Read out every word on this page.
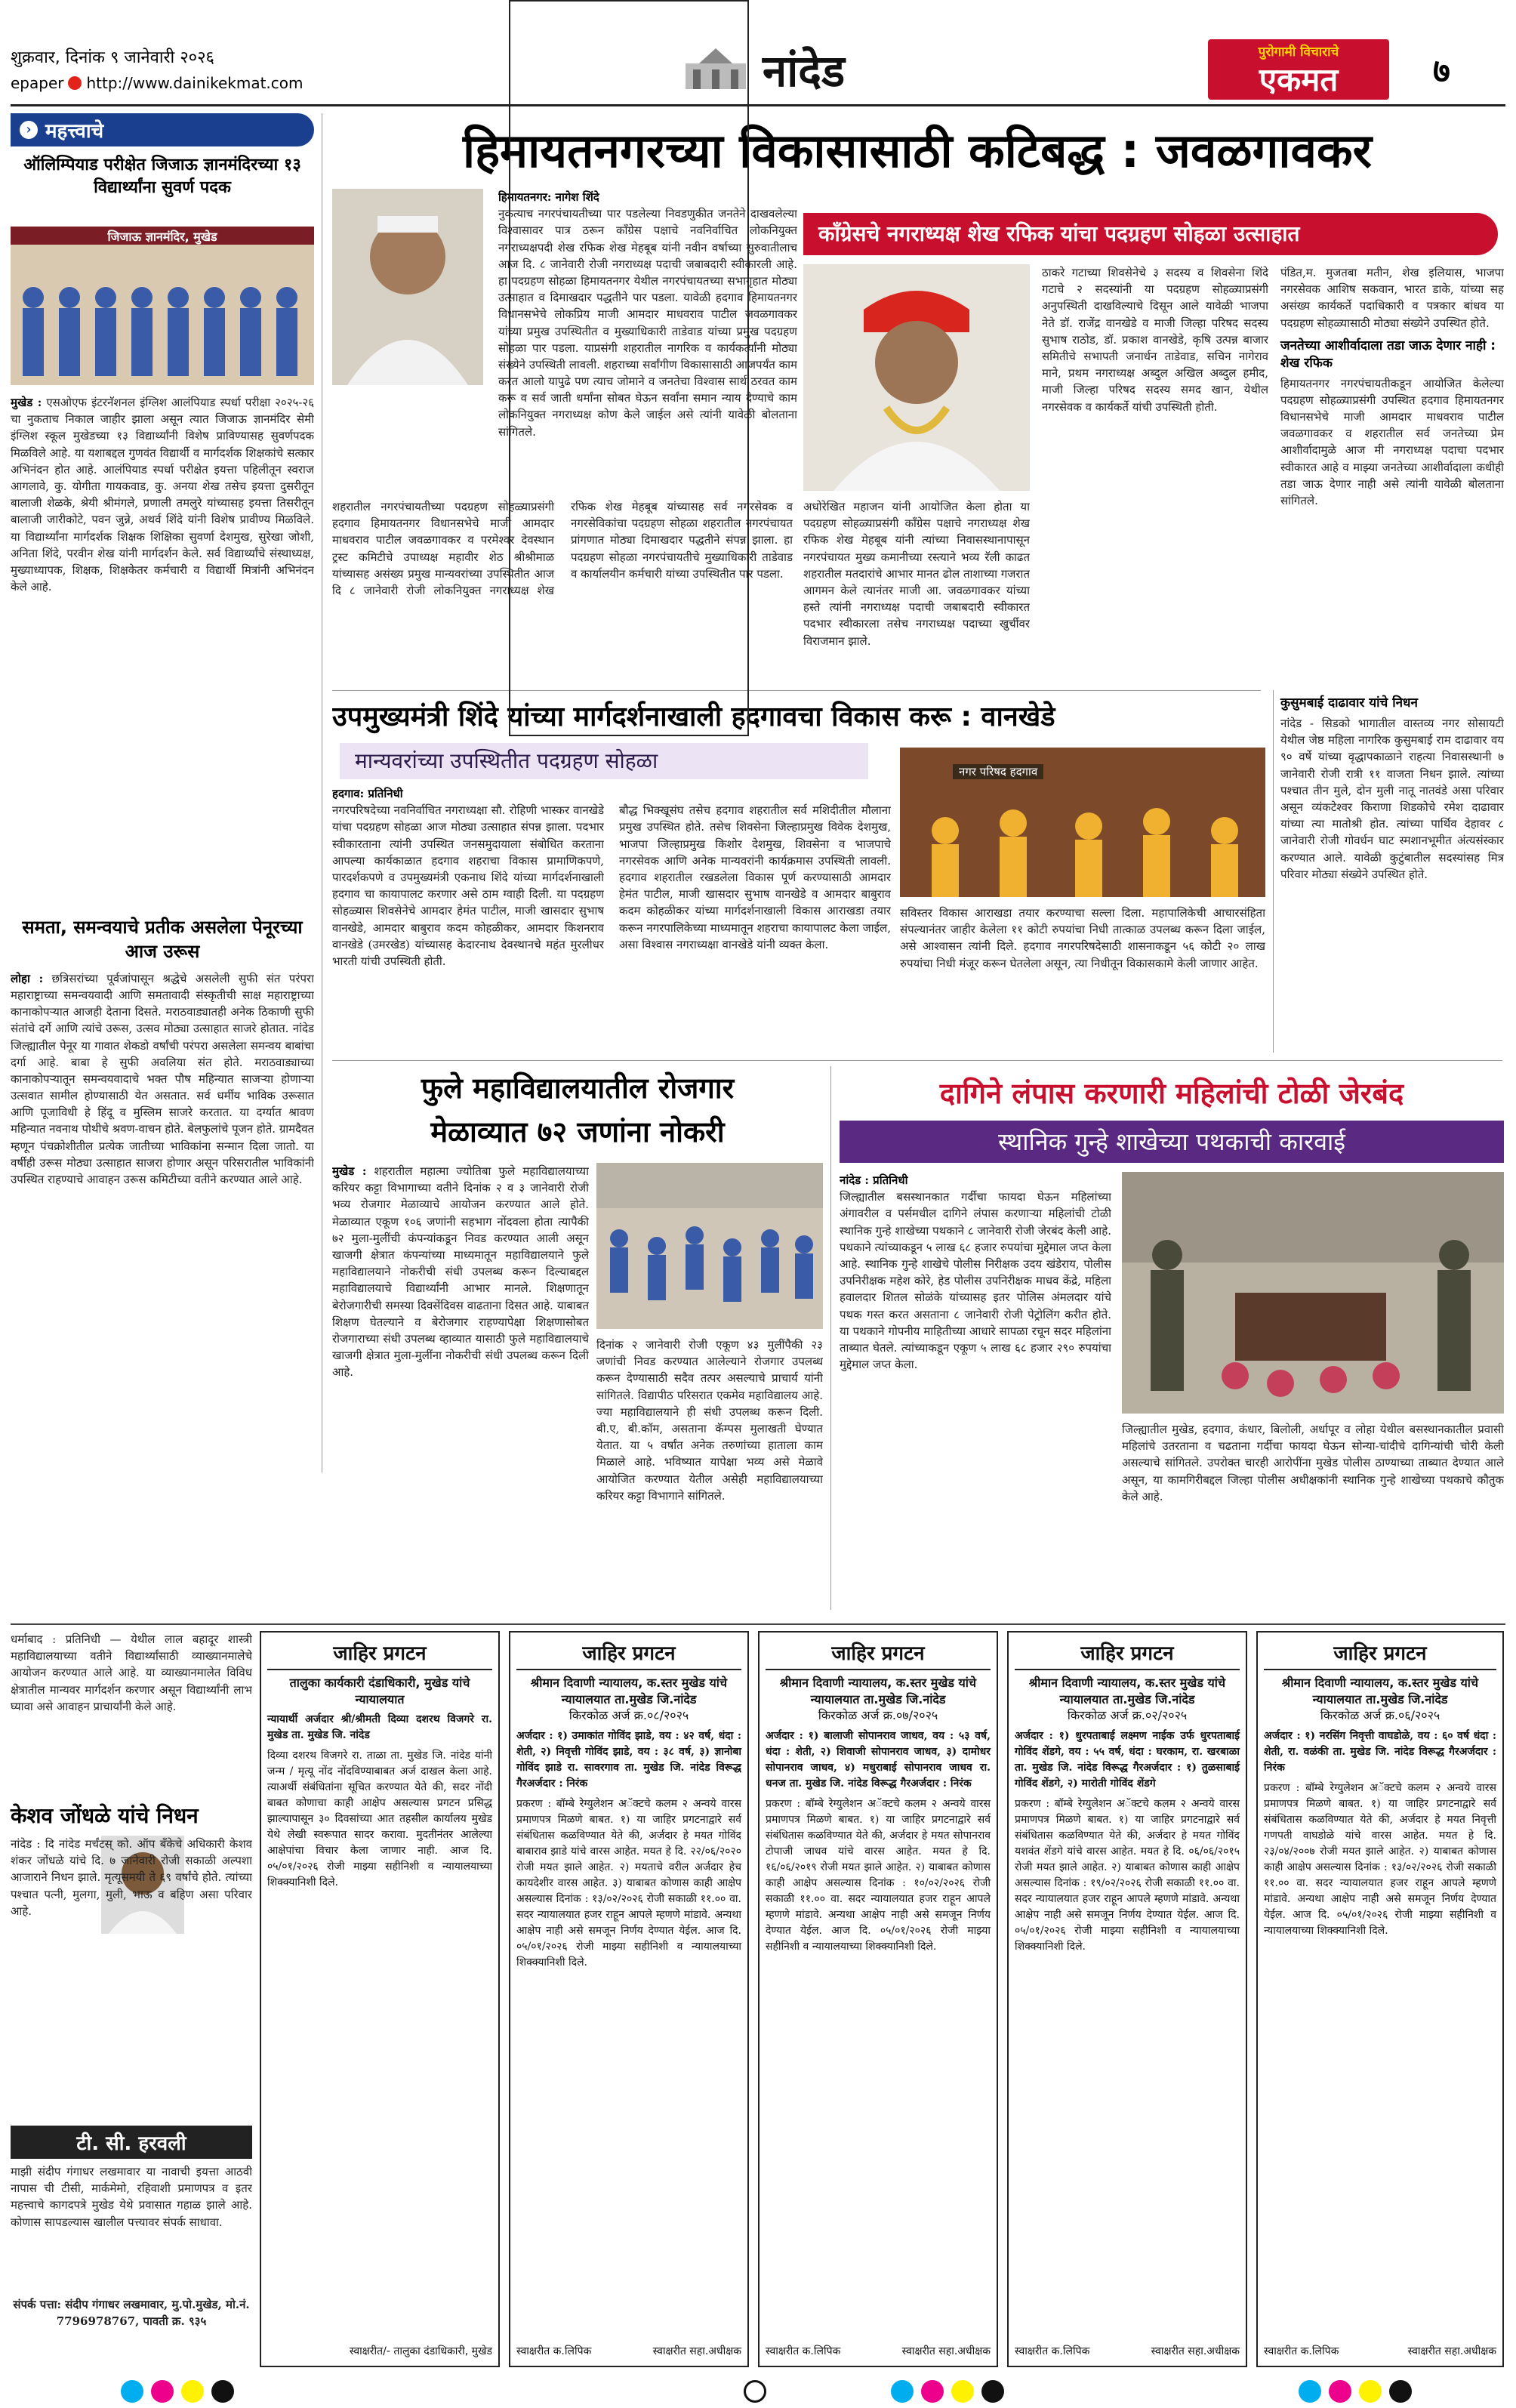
शुक्रवार, दिनांक ९ जानेवारी २०२६
epaper http://www.dainikekmat.com	नांदेड	पुरोगामी विचाराचे
एकमत	७
› महत्त्वाचे
ऑलिम्पियाड परीक्षेत जिजाऊ ज्ञानमंदिरच्या १३ विद्यार्थ्यांना सुवर्ण पदक
जिजाऊ ज्ञानमंदिर, मुखेड
मुखेड : एसओएफ इंटरनॅशनल इंग्लिश आलंपियाड स्पर्धा परीक्षा २०२५-२६ चा नुकताच निकाल जाहीर झाला असून त्यात जिजाऊ ज्ञानमंदिर सेमी इंग्लिश स्कूल मुखेडच्या १३ विद्यार्थ्यांनी विशेष प्राविण्यासह सुवर्णपदक मिळविले आहे. या यशाबद्दल गुणवंत विद्यार्थी व मार्गदर्शक शिक्षकांचे सत्कार अभिनंदन होत आहे. आलंपियाड स्पर्धा परीक्षेत इयत्ता पहिलीतून स्वराज आगलावे, कु. योगीता गायकवाड, कु. अनया शेख तसेच इयत्ता दुसरीतून बालाजी शेळके, श्रेयी श्रीमंगले, प्रणाली तमलुरे यांच्यासह इयत्ता तिसरीतून बालाजी जारीकोटे, पवन जुन्ने, अथर्व शिंदे यांनी विशेष प्रावीण्य मिळविले. या विद्यार्थ्यांना मार्गदर्शक शिक्षक शिक्षिका सुवर्णा देशमुख, सुरेखा जोशी, अनिता शिंदे, परवीन शेख यांनी मार्गदर्शन केले. सर्व विद्यार्थ्यांचे संस्थाध्यक्ष, मुख्याध्यापक, शिक्षक, शिक्षकेतर कर्मचारी व विद्यार्थी मित्रांनी अभिनंदन केले आहे.
समता, समन्वयाचे प्रतीक असलेला पेनूरच्या आज उरूस
लोहा : छत्रिसरांच्या पूर्वजांपासून श्रद्धेचे असलेली सुफी संत परंपरा महाराष्ट्राच्या समन्वयवादी आणि समतावादी संस्कृतीची साक्ष महाराष्ट्राच्या कानाकोपऱ्यात आजही देताना दिसते. मराठवाड्यातही अनेक ठिकाणी सुफी संतांचे दर्गे आणि त्यांचे उरूस, उत्सव मोठ्या उत्साहात साजरे होतात. नांदेड जिल्ह्यातील पेनूर या गावात शेकडो वर्षांची परंपरा असलेला समन्वय बाबांचा दर्गा आहे. बाबा हे सुफी अवलिया संत होते. मराठवाड्याच्या कानाकोपऱ्यातून समन्वयवादाचे भक्त पौष महिन्यात साजऱ्या होणाऱ्या उत्सवात सामील होण्यासाठी येत असतात. सर्व धर्मीय भाविक उरूसात आणि पूजाविधी हे हिंदू व मुस्लिम साजरे करतात. या दर्ग्यात श्रावण महिन्यात नवनाथ पोथीचे श्रवण-वाचन होते. बेलफुलांचे पूजन होते. ग्रामदैवत म्हणून पंचक्रोशीतील प्रत्येक जातीच्या भाविकांना सन्मान दिला जातो. या वर्षीही उरूस मोठ्या उत्साहात साजरा होणार असून परिसरातील भाविकांनी उपस्थित राहण्याचे आवाहन उरूस कमिटीच्या वतीने करण्यात आले आहे.
हिमायतनगरच्या विकासासाठी कटिबद्ध : जवळगावकर
काँग्रेसचे नगराध्यक्ष शेख रफिक यांचा पदग्रहण सोहळा उत्साहात
हिमायतनगर: नागेश शिंदे
नुकत्याच नगरपंचायतीच्या पार पडलेल्या निवडणुकीत जनतेने दाखवलेल्या विश्वासावर पात्र ठरून काँग्रेस पक्षाचे नवनिर्वाचित लोकनियुक्त नगराध्यक्षपदी शेख रफिक शेख मेहबूब यांनी नवीन वर्षाच्या सुरुवातीलाच आज दि. ८ जानेवारी रोजी नगराध्यक्ष पदाची जबाबदारी स्वीकारली आहे. हा पदग्रहण सोहळा हिमायतनगर येथील नगरपंचायतच्या सभागृहात मोठ्या उत्साहात व दिमाखदार पद्धतीने पार पडला. यावेळी हदगाव हिमायतनगर विधानसभेचे लोकप्रिय माजी आमदार माधवराव पाटील जवळगावकर यांच्या प्रमुख उपस्थितीत व मुख्याधिकारी ताडेवाड यांच्या प्रमुख पदग्रहण सोहळा पार पडला. याप्रसंगी शहरातील नागरिक व कार्यकर्त्यांनी मोठ्या संख्येने उपस्थिती लावली. शहराच्या सर्वांगीण विकासासाठी आजपर्यंत काम करत आलो यापुढे पण त्याच जोमाने व जनतेचा विश्वास सार्थ ठरवत काम करू व सर्व जाती धर्मांना सोबत घेऊन सर्वांना समान न्याय देण्याचे काम लोकनियुक्त नगराध्यक्ष कोण केले जाईल असे त्यांनी यावेळी बोलताना सांगितले.
शहरातील नगरपंचायतीच्या पदग्रहण सोहळ्याप्रसंगी हदगाव हिमायतनगर विधानसभेचे माजी आमदार माधवराव पाटील जवळगावकर व परमेश्वर देवस्थान ट्रस्ट कमिटीचे उपाध्यक्ष महावीर शेठ श्रीश्रीमाळ यांच्यासह असंख्य प्रमुख मान्यवरांच्या उपस्थितीत आज दि ८ जानेवारी रोजी लोकनियुक्त नगराध्यक्ष शेख रफिक शेख मेहबूब यांच्यासह सर्व नगरसेवक व नगरसेविकांचा पदग्रहण सोहळा शहरातील नगरपंचायत प्रांगणात मोठ्या दिमाखदार पद्धतीने संपन्न झाला. हा पदग्रहण सोहळा नगरपंचायतीचे मुख्याधिकारी ताडेवाड व कार्यालयीन कर्मचारी यांच्या उपस्थितीत पार पडला.
अधोरेखित महाजन यांनी आयोजित केला होता या पदग्रहण सोहळ्याप्रसंगी काँग्रेस पक्षाचे नगराध्यक्ष शेख रफिक शेख मेहबूब यांनी त्यांच्या निवासस्थानापासून नगरपंचायत मुख्य कमानीच्या रस्त्याने भव्य रॅली काढत शहरातील मतदारांचे आभार मानत ढोल ताशाच्या गजरात आगमन केले त्यानंतर माजी आ. जवळगावकर यांच्या हस्ते त्यांनी नगराध्यक्ष पदाची जबाबदारी स्वीकारत पदभार स्वीकारला तसेच नगराध्यक्ष पदाच्या खुर्चीवर विराजमान झाले.
ठाकरे गटाच्या शिवसेनेचे ३ सदस्य व शिवसेना शिंदे गटाचे २ सदस्यांनी या पदग्रहण सोहळ्याप्रसंगी अनुपस्थिती दाखविल्याचे दिसून आले यावेळी भाजपा नेते डॉ. राजेंद्र वानखेडे व माजी जिल्हा परिषद सदस्य सुभाष राठोड, डॉ. प्रकाश वानखेडे, कृषि उत्पन्न बाजार समितीचे सभापती जनार्धन ताडेवाड, सचिन नागेराव माने, प्रथम नगराध्यक्ष अब्दुल अखिल अब्दुल हमीद, माजी जिल्हा परिषद सदस्य समद खान, येथील नगरसेवक व कार्यकर्ते यांची उपस्थिती होती.
पंडित,म. मुजतबा मतीन, शेख इलियास, भाजपा नगरसेवक आशिष सकवान, भारत डाके, यांच्या सह असंख्य कार्यकर्ते पदाधिकारी व पत्रकार बांधव या पदग्रहण सोहळ्यासाठी मोठ्या संख्येने उपस्थित होते.
जनतेच्या आशीर्वादाला तडा जाऊ देणार नाही : शेख रफिक
हिमायतनगर नगरपंचायतीकडून आयोजित केलेल्या पदग्रहण सोहळ्याप्रसंगी उपस्थित हदगाव हिमायतनगर विधानसभेचे माजी आमदार माधवराव पाटील जवळगावकर व शहरातील सर्व जनतेच्या प्रेम आशीर्वादामुळे आज मी नगराध्यक्ष पदाचा पदभार स्वीकारत आहे व माझ्या जनतेच्या आशीर्वादाला कधीही तडा जाऊ देणार नाही असे त्यांनी यावेळी बोलताना सांगितले.
कुसुमबाई दाढावार यांचे निधन
नांदेड - सिडको भागातील वास्तव्य नगर सोसायटी येथील जेष्ठ महिला नागरिक कुसुमबाई राम दाढावार वय ९० वर्षे यांच्या वृद्धापकाळाने राहत्या निवासस्थानी ७ जानेवारी रोजी रात्री ११ वाजता निधन झाले. त्यांच्या पश्चात तीन मुले, दोन मुली नातू नातवंडे असा परिवार असून व्यंकटेश्वर किराणा शिडकोचे रमेश दाढावार यांच्या त्या मातोश्री होत. त्यांच्या पार्थिव देहावर ८ जानेवारी रोजी गोवर्धन घाट स्मशानभूमीत अंत्यसंस्कार करण्यात आले. यावेळी कुटुंबातील सदस्यांसह मित्र परिवार मोठ्या संख्येने उपस्थित होते.
उपमुख्यमंत्री शिंदे यांच्या मार्गदर्शनाखाली हदगावचा विकास करू : वानखेडे
मान्यवरांच्या उपस्थितीत पदग्रहण सोहळा
हदगाव: प्रतिनिधी
नगरपरिषदेच्या नवनिर्वाचित नगराध्यक्षा सौ. रोहिणी भास्कर वानखेडे यांचा पदग्रहण सोहळा आज मोठ्या उत्साहात संपन्न झाला. पदभार स्वीकारताना त्यांनी उपस्थित जनसमुदायाला संबोधित करताना आपल्या कार्यकाळात हदगाव शहराचा विकास प्रामाणिकपणे, पारदर्शकपणे व उपमुख्यमंत्री एकनाथ शिंदे यांच्या मार्गदर्शनाखाली हदगाव चा कायापालट करणार असे ठाम ग्वाही दिली. या पदग्रहण सोहळ्यास शिवसेनेचे आमदार हेमंत पाटील, माजी खासदार सुभाष वानखेडे, आमदार बाबुराव कदम कोहळीकर, आमदार किशनराव वानखेडे (उमरखेड) यांच्यासह केदारनाथ देवस्थानचे महंत मुरलीधर भारती यांची उपस्थिती होती.
बौद्ध भिक्खूसंघ तसेच हदगाव शहरातील सर्व मशिदीतील मौलाना प्रमुख उपस्थित होते. तसेच शिवसेना जिल्हाप्रमुख विवेक देशमुख, भाजपा जिल्हाप्रमुख किशोर देशमुख, शिवसेना व भाजपाचे नगरसेवक आणि अनेक मान्यवरांनी कार्यक्रमास उपस्थिती लावली. हदगाव शहरातील रखडलेला विकास पूर्ण करण्यासाठी आमदार हेमंत पाटील, माजी खासदार सुभाष वानखेडे व आमदार बाबुराव कदम कोहळीकर यांच्या मार्गदर्शनाखाली विकास आराखडा तयार करून नगरपालिकेच्या माध्यमातून शहराचा कायापालट केला जाईल, असा विश्वास नगराध्यक्षा वानखेडे यांनी व्यक्त केला.
नगर परिषद हदगाव
सविस्तर विकास आराखडा तयार करण्याचा सल्ला दिला. महापालिकेची आचारसंहिता संपल्यानंतर जाहीर केलेला ११ कोटी रुपयांचा निधी तात्काळ उपलब्ध करून दिला जाईल, असे आश्वासन त्यांनी दिले. हदगाव नगरपरिषदेसाठी शासनाकडून ५६ कोटी २० लाख रुपयांचा निधी मंजूर करून घेतलेला असून, त्या निधीतून विकासकामे केली जाणार आहेत.
फुले महाविद्यालयातील रोजगार
मेळाव्यात ७२ जणांना नोकरी
मुखेड : शहरातील महात्मा ज्योतिबा फुले महाविद्यालयाच्या करियर कट्टा विभागाच्या वतीने दिनांक २ व ३ जानेवारी रोजी भव्य रोजगार मेळाव्याचे आयोजन करण्यात आले होते. मेळाव्यात एकूण १०६ जणांनी सहभाग नोंदवला होता त्यापैकी ७२ मुला-मुलींची कंपन्यांकडून निवड करण्यात आली असून खाजगी क्षेत्रात कंपन्यांच्या माध्यमातून महाविद्यालयाने फुले महाविद्यालयाने नोकरीची संधी उपलब्ध करून दिल्याबद्दल महाविद्यालयाचे विद्यार्थ्यांनी आभार मानले. शिक्षणातून बेरोजगारीची समस्या दिवसेंदिवस वाढताना दिसत आहे. याबाबत शिक्षण घेतल्याने व बेरोजगार राहण्यापेक्षा शिक्षणासोबत रोजगाराच्या संधी उपलब्ध व्हाव्यात यासाठी फुले महाविद्यालयाचे खाजगी क्षेत्रात मुला-मुलींना नोकरीची संधी उपलब्ध करून दिली आहे.
दिनांक २ जानेवारी रोजी एकूण ४३ मुलींपैकी २३ जणांची निवड करण्यात आलेल्याने रोजगार उपलब्ध करून देण्यासाठी सदैव तत्पर असल्याचे प्राचार्य यांनी सांगितले. विद्यापीठ परिसरात एकमेव महाविद्यालय आहे. ज्या महाविद्यालयाने ही संधी उपलब्ध करून दिली. बी.ए, बी.कॉम, असताना कॅम्पस मुलाखती घेण्यात येतात. या ५ वर्षांत अनेक तरुणांच्या हाताला काम मिळाले आहे. भविष्यात यापेक्षा भव्य असे मेळावे आयोजित करण्यात येतील असेही महाविद्यालयाच्या करियर कट्टा विभागाने सांगितले.
दागिने लंपास करणारी महिलांची टोळी जेरबंद
स्थानिक गुन्हे शाखेच्या पथकाची कारवाई
नांदेड : प्रतिनिधी
जिल्ह्यातील बसस्थानकात गर्दीचा फायदा घेऊन महिलांच्या अंगावरील व पर्समधील दागिने लंपास करणाऱ्या महिलांची टोळी स्थानिक गुन्हे शाखेच्या पथकाने ८ जानेवारी रोजी जेरबंद केली आहे. पथकाने त्यांच्याकडून ५ लाख ६८ हजार रुपयांचा मुद्देमाल जप्त केला आहे. स्थानिक गुन्हे शाखेचे पोलीस निरीक्षक उदय खंडेराय, पोलीस उपनिरीक्षक महेश कोरे, हेड पोलीस उपनिरीक्षक माधव केंद्रे, महिला हवालदार शितल सोळंके यांच्यासह इतर पोलिस अंमलदार यांचे पथक गस्त करत असताना ८ जानेवारी रोजी पेट्रोलिंग करीत होते. या पथकाने गोपनीय माहितीच्या आधारे सापळा रचून सदर महिलांना ताब्यात घेतले. त्यांच्याकडून एकूण ५ लाख ६८ हजार २९० रुपयांचा मुद्देमाल जप्त केला.
जिल्ह्यातील मुखेड, हदगाव, कंधार, बिलोली, अर्धापूर व लोहा येथील बसस्थानकातील प्रवासी महिलांचे उतरताना व चढताना गर्दीचा फायदा घेऊन सोन्या-चांदीचे दागिन्यांची चोरी केली असल्याचे सांगितले. उपरोक्त चारही आरोपींना मुखेड पोलीस ठाण्याच्या ताब्यात देण्यात आले असून, या कामगिरीबद्दल जिल्हा पोलीस अधीक्षकांनी स्थानिक गुन्हे शाखेच्या पथकाचे कौतुक केले आहे.
धर्माबाद : प्रतिनिधी — येथील लाल बहादूर शास्त्री महाविद्यालयाच्या वतीने विद्यार्थ्यांसाठी व्याख्यानमालेचे आयोजन करण्यात आले आहे. या व्याख्यानमालेत विविध क्षेत्रातील मान्यवर मार्गदर्शन करणार असून विद्यार्थ्यांनी लाभ घ्यावा असे आवाहन प्राचार्यांनी केले आहे.
केशव जोंधळे यांचे निधन
नांदेड : दि नांदेड मर्चंटस् को. ऑप बँकेचे अधिकारी केशव शंकर जोंधळे यांचे दि. ७ जानेवारी रोजी सकाळी अल्पशा आजाराने निधन झाले. मृत्यूसमयी ते ६९ वर्षांचे होते. त्यांच्या पश्चात पत्नी, मुलगा, मुली, भाऊ व बहिण असा परिवार आहे.
टी. सी. हरवली
माझी संदीप गंगाधर लखमावार या नावाची इयत्ता आठवी नापास ची टीसी, मार्कमेमो, रहिवाशी प्रमाणपत्र व इतर महत्त्वाचे कागदपत्रे मुखेड येथे प्रवासात गहाळ झाले आहे. कोणास सापडल्यास खालील पत्त्यावर संपर्क साधावा.
संपर्क पत्ता: संदीप गंगाधर लखमावार, मु.पो.मुखेड, मो.नं. 7796978767, पावती क्र. ९३५
जाहिर प्रगटन
तालुका कार्यकारी दंडाधिकारी, मुखेड यांचे न्यायालयात
न्यायार्थी अर्जदार श्री/श्रीमती दिव्या दशरथ विजगरे रा. मुखेड ता. मुखेड जि. नांदेड
दिव्या दशरथ विजगरे रा. ताळा ता. मुखेड जि. नांदेड यांनी जन्म / मृत्यू नोंद नोंदविण्याबाबत अर्ज दाखल केला आहे. त्याअर्थी संबंधितांना सूचित करण्यात येते की, सदर नोंदी बाबत कोणाचा काही आक्षेप असल्यास प्रगटन प्रसिद्ध झाल्यापासून ३० दिवसांच्या आत तहसील कार्यालय मुखेड येथे लेखी स्वरूपात सादर करावा. मुदतीनंतर आलेल्या आक्षेपांचा विचार केला जाणार नाही. आज दि. ०५/०१/२०२६ रोजी माझ्या सहीनिशी व न्यायालयाच्या शिक्क्यानिशी दिले.
स्वाक्षरीत/- तालुका दंडाधिकारी, मुखेड
जाहिर प्रगटन
श्रीमान दिवाणी न्यायालय, क.स्तर मुखेड यांचे न्यायालयात ता.मुखेड जि.नांदेड
किरकोळ अर्ज क्र.०८/२०२५
अर्जदार : १) उमाकांत गोविंद झाडे, वय : ४२ वर्ष, धंदा : शेती, २) निवृत्ती गोविंद झाडे, वय : ३८ वर्ष, ३) ज्ञानोबा गोविंद झाडे रा. सावरगाव ता. मुखेड जि. नांदेड विरूद्ध गैरअर्जदार : निरंक
प्रकरण : बॉम्बे रेग्युलेशन अॅक्टचे कलम २ अन्वये वारस प्रमाणपत्र मिळणे बाबत. १) या जाहिर प्रगटनाद्वारे सर्व संबंधितास कळविण्यात येते की, अर्जदार हे मयत गोविंद बाबाराव झाडे यांचे वारस आहेत. मयत हे दि. २२/०६/२०२० रोजी मयत झाले आहेत. २) मयताचे वरील अर्जदार हेच कायदेशीर वारस आहेत. ३) याबाबत कोणास काही आक्षेप असल्यास दिनांक : १३/०२/२०२६ रोजी सकाळी ११.०० वा. सदर न्यायालयात हजर राहून आपले म्हणणे मांडावे. अन्यथा आक्षेप नाही असे समजून निर्णय देण्यात येईल. आज दि. ०५/०१/२०२६ रोजी माझ्या सहीनिशी व न्यायालयाच्या शिक्क्यानिशी दिले.
स्वाक्षरीत क.लिपिक	स्वाक्षरीत सहा.अधीक्षक
जाहिर प्रगटन
श्रीमान दिवाणी न्यायालय, क.स्तर मुखेड यांचे न्यायालयात ता.मुखेड जि.नांदेड
किरकोळ अर्ज क्र.०७/२०२५
अर्जदार : १) बालाजी सोपानराव जाधव, वय : ५३ वर्ष, धंदा : शेती, २) शिवाजी सोपानराव जाधव, ३) दामोधर सोपानराव जाधव, ४) मधुराबाई सोपानराव जाधव रा. धनज ता. मुखेड जि. नांदेड विरूद्ध गैरअर्जदार : निरंक
प्रकरण : बॉम्बे रेग्युलेशन अॅक्टचे कलम २ अन्वये वारस प्रमाणपत्र मिळणे बाबत. १) या जाहिर प्रगटनाद्वारे सर्व संबंधितास कळविण्यात येते की, अर्जदार हे मयत सोपानराव टोपाजी जाधव यांचे वारस आहेत. मयत हे दि. १६/०६/२०१९ रोजी मयत झाले आहेत. २) याबाबत कोणास काही आक्षेप असल्यास दिनांक : १०/०२/२०२६ रोजी सकाळी ११.०० वा. सदर न्यायालयात हजर राहून आपले म्हणणे मांडावे. अन्यथा आक्षेप नाही असे समजून निर्णय देण्यात येईल. आज दि. ०५/०१/२०२६ रोजी माझ्या सहीनिशी व न्यायालयाच्या शिक्क्यानिशी दिले.
स्वाक्षरीत क.लिपिक	स्वाक्षरीत सहा.अधीक्षक
जाहिर प्रगटन
श्रीमान दिवाणी न्यायालय, क.स्तर मुखेड यांचे न्यायालयात ता.मुखेड जि.नांदेड
किरकोळ अर्ज क्र.०२/२०२५
अर्जदार : १) धुरपताबाई लक्ष्मण नाईक उर्फ धुरपताबाई गोविंद शेंडगे, वय : ५५ वर्ष, धंदा : घरकाम, रा. खरबाळा ता. मुखेड जि. नांदेड विरूद्ध गैरअर्जदार : १) तुळसाबाई गोविंद शेंडगे, २) मारोती गोविंद शेंडगे
प्रकरण : बॉम्बे रेग्युलेशन अॅक्टचे कलम २ अन्वये वारस प्रमाणपत्र मिळणे बाबत. १) या जाहिर प्रगटनाद्वारे सर्व संबंधितास कळविण्यात येते की, अर्जदार हे मयत गोविंद यशवंत शेंडगे यांचे वारस आहेत. मयत हे दि. ०६/०६/२०१५ रोजी मयत झाले आहेत. २) याबाबत कोणास काही आक्षेप असल्यास दिनांक : १९/०२/२०२६ रोजी सकाळी ११.०० वा. सदर न्यायालयात हजर राहून आपले म्हणणे मांडावे. अन्यथा आक्षेप नाही असे समजून निर्णय देण्यात येईल. आज दि. ०५/०१/२०२६ रोजी माझ्या सहीनिशी व न्यायालयाच्या शिक्क्यानिशी दिले.
स्वाक्षरीत क.लिपिक	स्वाक्षरीत सहा.अधीक्षक
जाहिर प्रगटन
श्रीमान दिवाणी न्यायालय, क.स्तर मुखेड यांचे न्यायालयात ता.मुखेड जि.नांदेड
किरकोळ अर्ज क्र.०६/२०२५
अर्जदार : १) नरसिंग निवृत्ती वाघडोळे, वय : ६० वर्ष धंदा : शेती, रा. वळंकी ता. मुखेड जि. नांदेड विरूद्ध गैरअर्जदार : निरंक
प्रकरण : बॉम्बे रेग्युलेशन अॅक्टचे कलम २ अन्वये वारस प्रमाणपत्र मिळणे बाबत. १) या जाहिर प्रगटनाद्वारे सर्व संबंधितास कळविण्यात येते की, अर्जदार हे मयत निवृत्ती गणपती वाघडोळे यांचे वारस आहेत. मयत हे दि. २३/०४/२००७ रोजी मयत झाले आहेत. २) याबाबत कोणास काही आक्षेप असल्यास दिनांक : १३/०२/२०२६ रोजी सकाळी ११.०० वा. सदर न्यायालयात हजर राहून आपले म्हणणे मांडावे. अन्यथा आक्षेप नाही असे समजून निर्णय देण्यात येईल. आज दि. ०५/०१/२०२६ रोजी माझ्या सहीनिशी व न्यायालयाच्या शिक्क्यानिशी दिले.
स्वाक्षरीत क.लिपिक	स्वाक्षरीत सहा.अधीक्षक
